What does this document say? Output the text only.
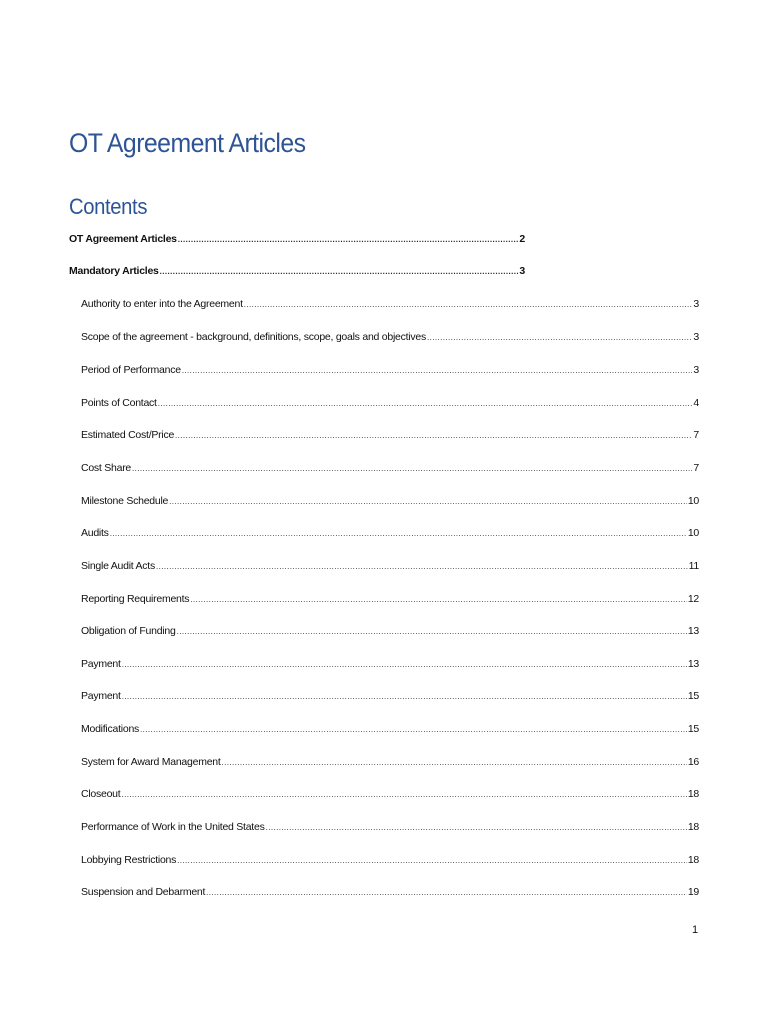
OT Agreement Articles
Contents
OT Agreement Articles .....	2
Mandatory Articles .....	3
Authority to enter into the Agreement .....	3
Scope of the agreement - background, definitions, scope, goals and objectives .....	3
Period of Performance .....	3
Points of Contact .....	4
Estimated Cost/Price .....	7
Cost Share .....	7
Milestone Schedule .....	10
Audits .....	10
Single Audit Acts .....	11
Reporting Requirements .....	12
Obligation of Funding .....	13
Payment .....	13
Payment .....	15
Modifications .....	15
System for Award Management .....	16
Closeout .....	18
Performance of Work in the United States .....	18
Lobbying Restrictions .....	18
Suspension and Debarment .....	19
1
